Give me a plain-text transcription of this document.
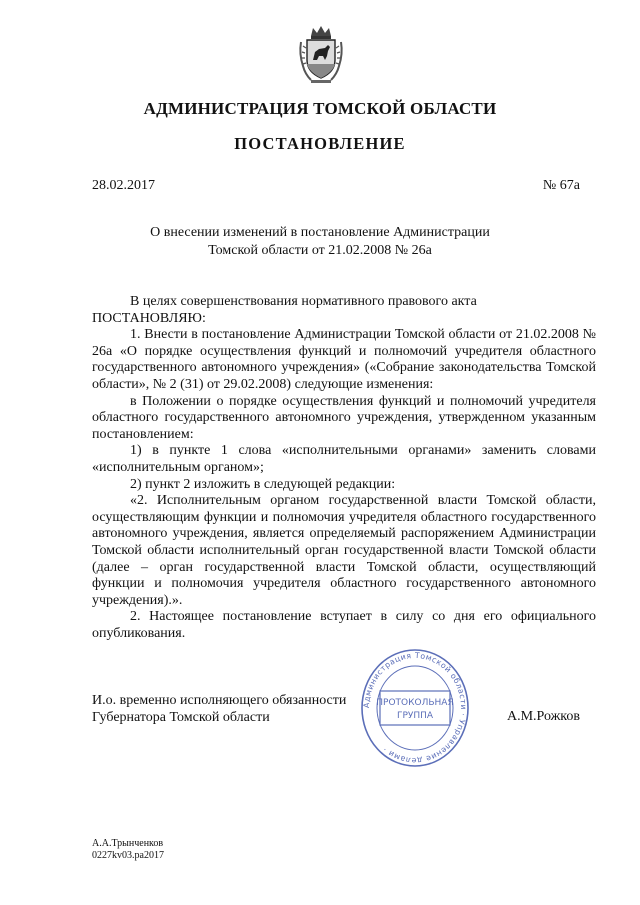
АДМИНИСТРАЦИЯ ТОМСКОЙ ОБЛАСТИ
ПОСТАНОВЛЕНИЕ
28.02.2017	№ 67а
О внесении изменений в постановление Администрации
Томской области от 21.02.2008 № 26а

В целях совершенствования нормативного правового акта

ПОСТАНОВЛЯЮ:

1. Внести в постановление Администрации Томской области от 21.02.2008 № 26а «О порядке осуществления функций и полномочий учредителя областного государственного автономного учреждения» («Собрание законодательства Томской области», № 2 (31) от 29.02.2008) следующие изменения:

в Положении о порядке осуществления функций и полномочий учредителя областного государственного автономного учреждения, утвержденном указанным постановлением:

1) в пункте 1 слова «исполнительными органами» заменить словами «исполнительным органом»;

2) пункт 2 изложить в следующей редакции:

«2. Исполнительным органом государственной власти Томской области, осуществляющим функции и полномочия учредителя областного государственного автономного учреждения, является определяемый распоряжением Администрации Томской области исполнительный орган государственной власти Томской области (далее – орган государственной власти Томской области, осуществляющий функции и полномочия учредителя областного государственного автономного учреждения).».

2. Настоящее постановление вступает в силу со дня его официального опубликования.

И.о. временно исполняющего обязанности
Губернатора Томской области
Администрация Томской области · Управление делами ·
ПРОТОКОЛЬНАЯ
ГРУППА	А.М.Рожков
А.А.Трынченков
0227kv03.pa2017
